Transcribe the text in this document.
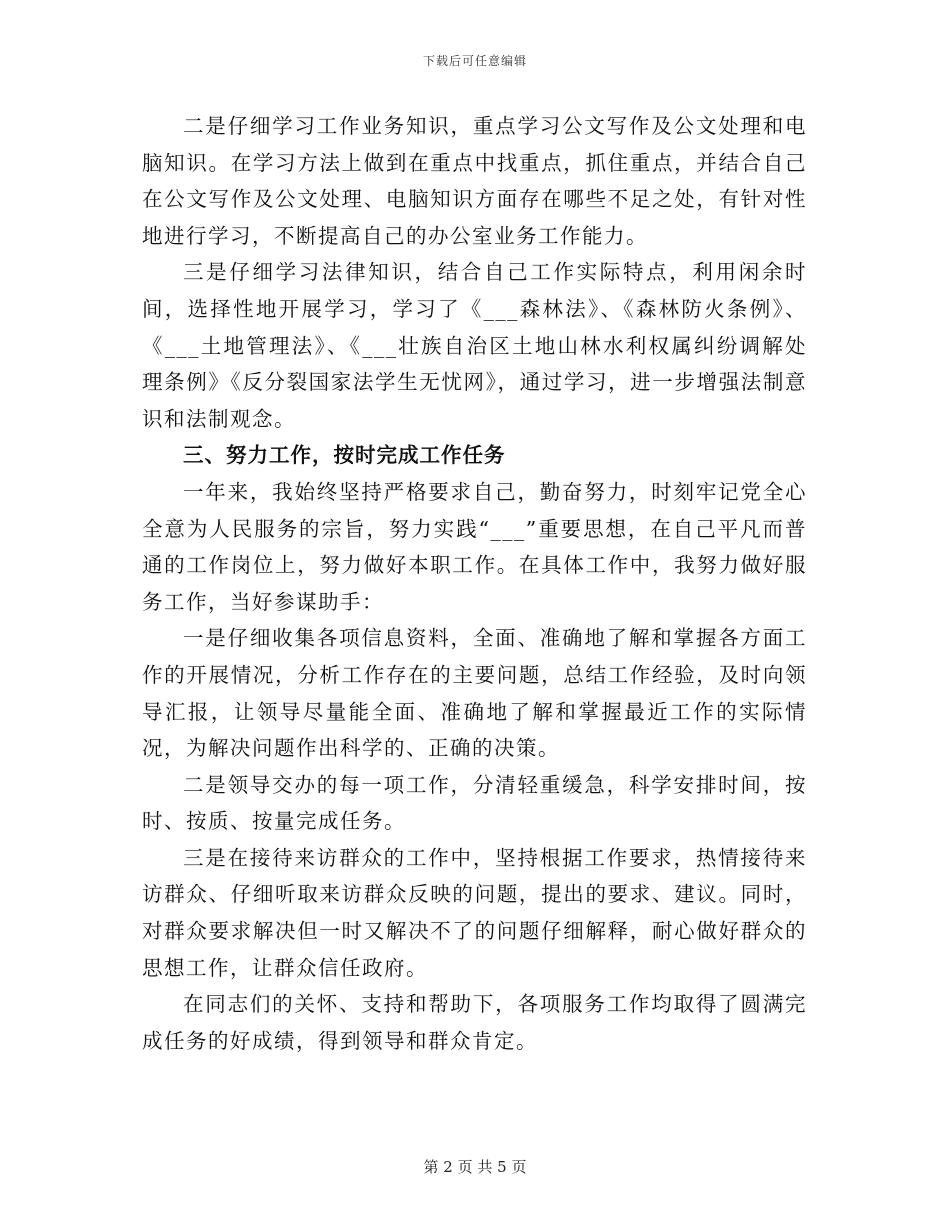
下载后可任意编辑

二是仔细学习工作业务知识，重点学习公文写作及公文处理和电脑知识。在学习方法上做到在重点中找重点，抓住重点，并结合自己在公文写作及公文处理、电脑知识方面存在哪些不足之处，有针对性地进行学习，不断提高自己的办公室业务工作能力。

三是仔细学习法律知识，结合自己工作实际特点，利用闲余时间，选择性地开展学习，学习了《___森林法》、《森林防火条例》、《___土地管理法》、《___壮族自治区土地山林水利权属纠纷调解处理条例》《反分裂国家法学生无忧网》，通过学习，进一步增强法制意识和法制观念。

三、努力工作，按时完成工作任务

一年来，我始终坚持严格要求自己，勤奋努力，时刻牢记党全心全意为人民服务的宗旨，努力实践“___”重要思想，在自己平凡而普通的工作岗位上，努力做好本职工作。在具体工作中，我努力做好服务工作，当好参谋助手：

一是仔细收集各项信息资料，全面、准确地了解和掌握各方面工作的开展情况，分析工作存在的主要问题，总结工作经验，及时向领导汇报，让领导尽量能全面、准确地了解和掌握最近工作的实际情况，为解决问题作出科学的、正确的决策。

二是领导交办的每一项工作，分清轻重缓急，科学安排时间，按时、按质、按量完成任务。

三是在接待来访群众的工作中，坚持根据工作要求，热情接待来访群众、仔细听取来访群众反映的问题，提出的要求、建议。同时，对群众要求解决但一时又解决不了的问题仔细解释，耐心做好群众的思想工作，让群众信任政府。

在同志们的关怀、支持和帮助下，各项服务工作均取得了圆满完成任务的好成绩，得到领导和群众肯定。

第 2 页 共 5 页
